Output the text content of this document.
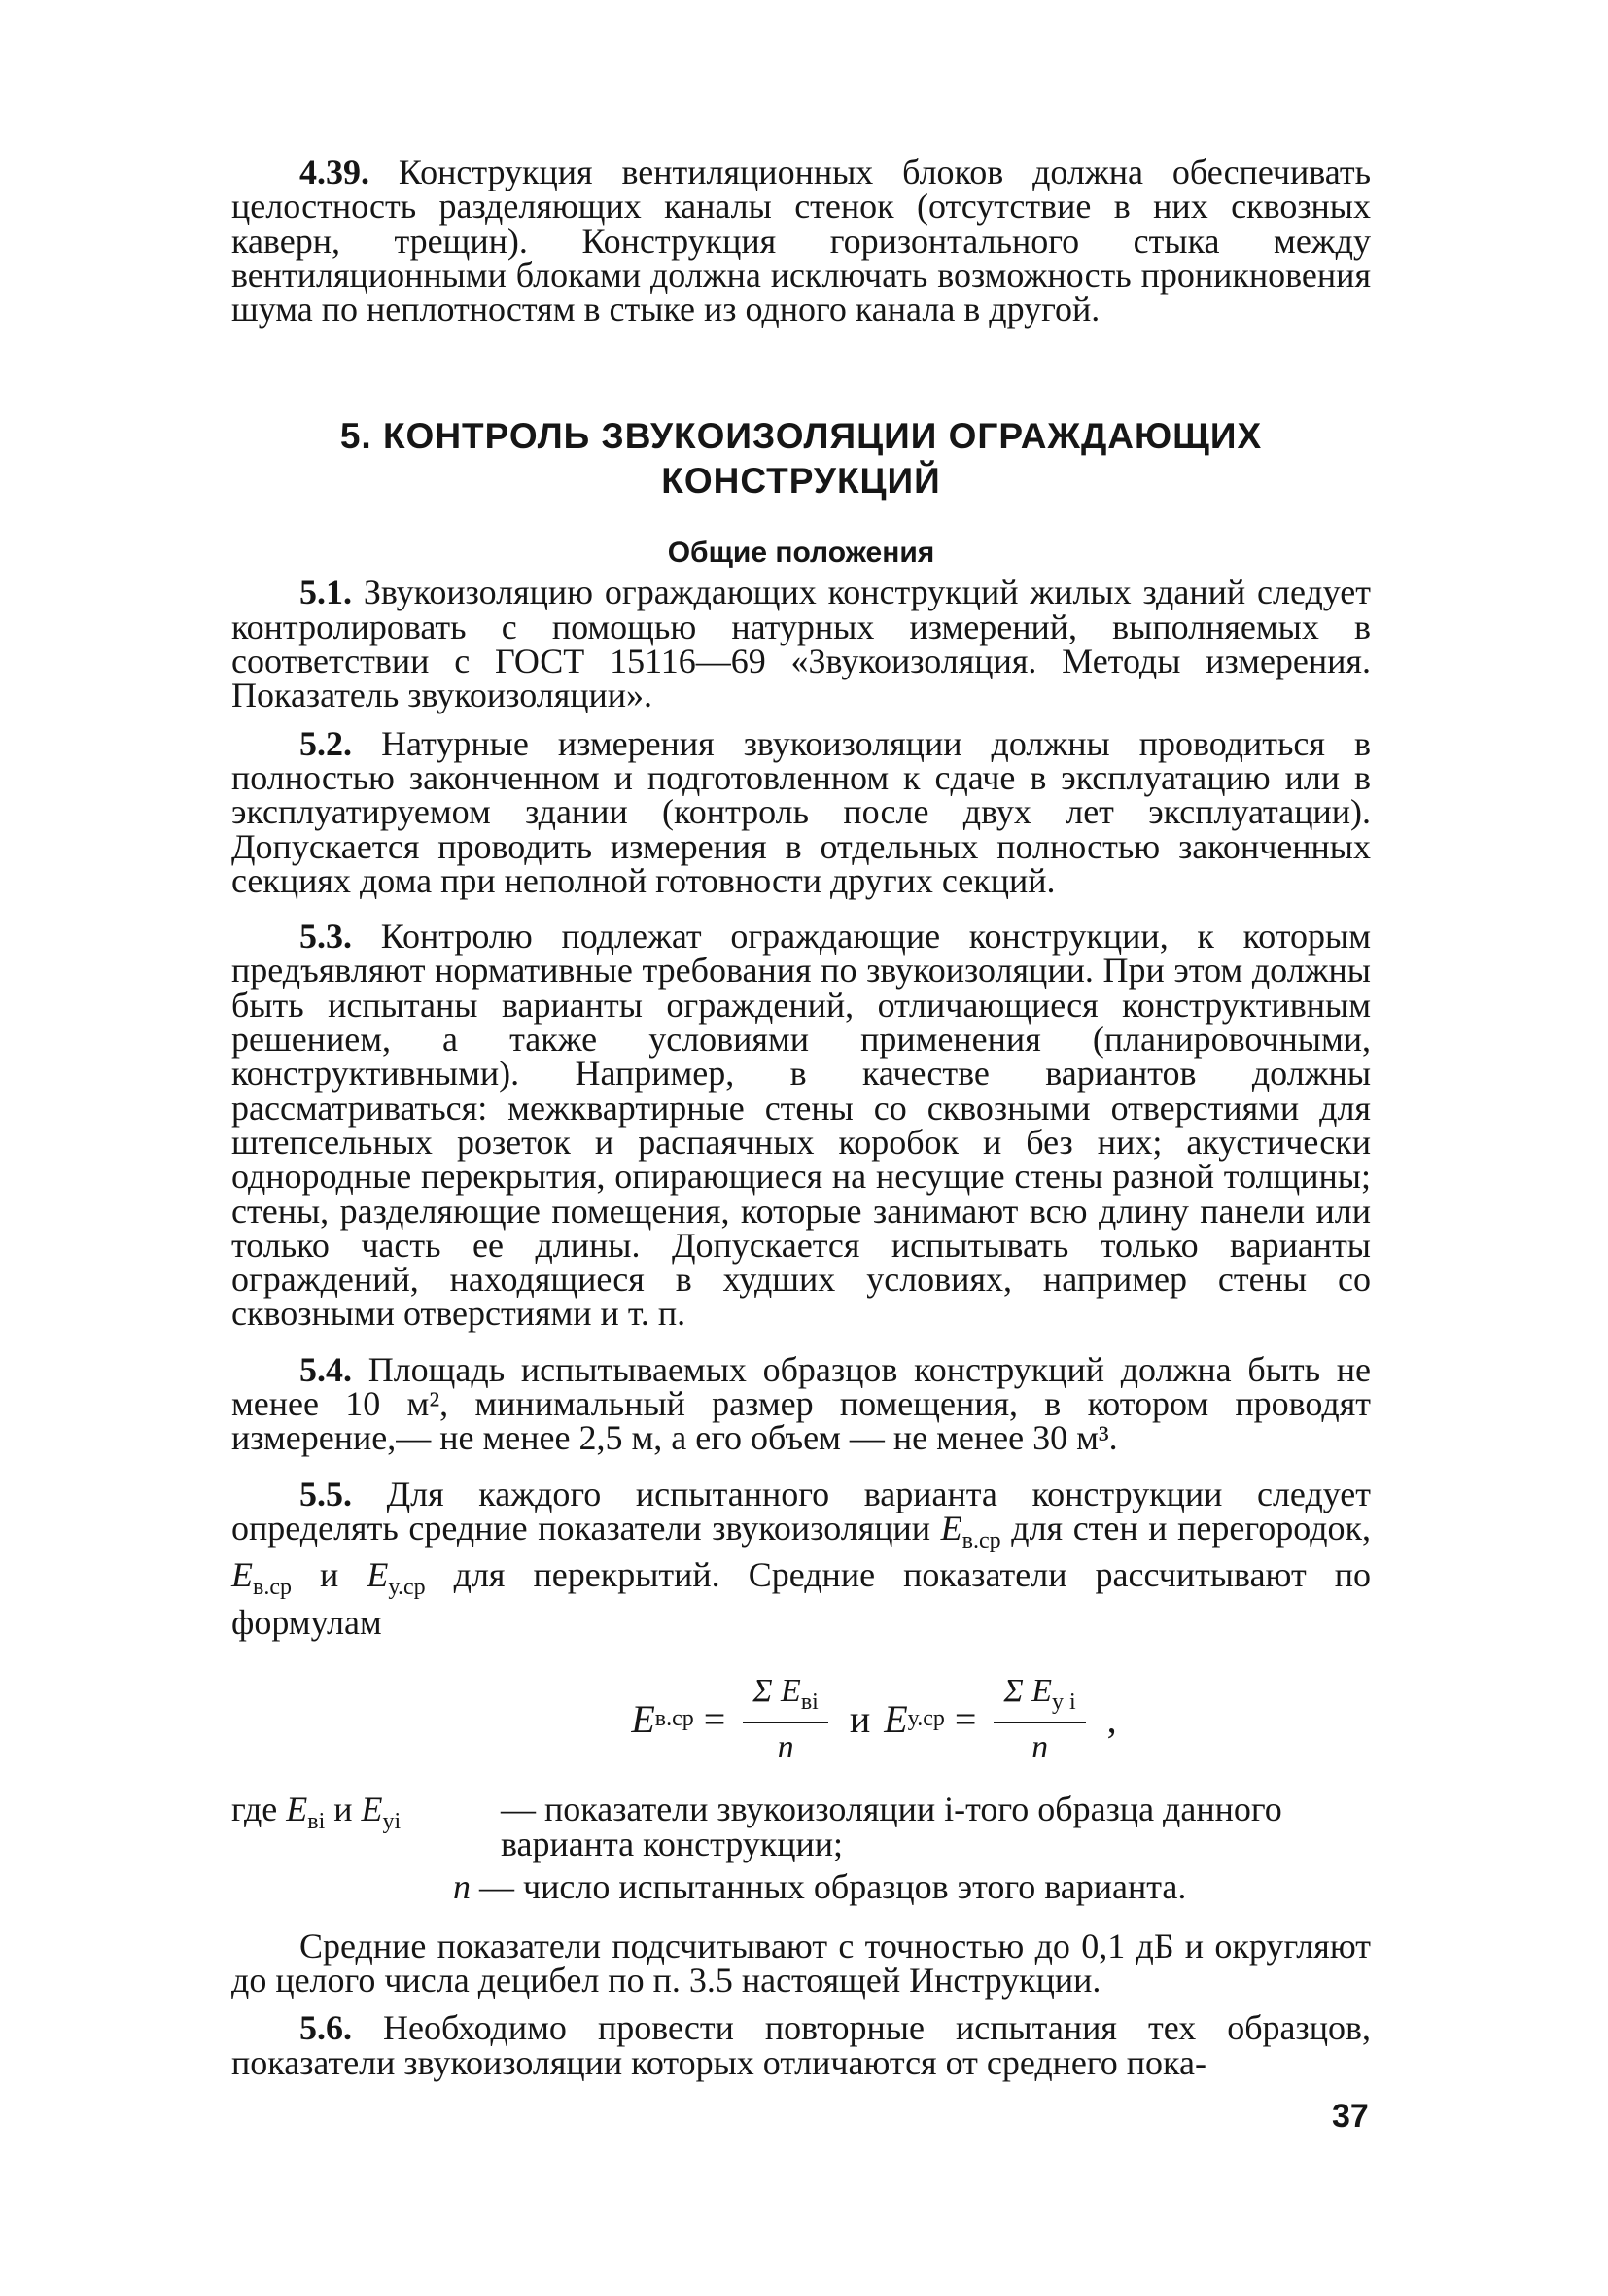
4.39. Конструкция вентиляционных блоков должна обеспечивать целостность разделяющих каналы стенок (отсутствие в них сквозных каверн, трещин). Конструкция горизонтального стыка между вентиляционными блоками должна исключать возможность проникновения шума по неплотностям в стыке из одного канала в другой.

5. КОНТРОЛЬ ЗВУКОИЗОЛЯЦИИ ОГРАЖДАЮЩИХ
КОНСТРУКЦИЙ
Общие положения

5.1. Звукоизоляцию ограждающих конструкций жилых зданий следует контролировать с помощью натурных измерений, выполняемых в соответствии с ГОСТ 15116—69 «Звукоизоляция. Методы измерения. Показатель звукоизоляции».

5.2. Натурные измерения звукоизоляции должны проводиться в полностью законченном и подготовленном к сдаче в эксплуатацию или в эксплуатируемом здании (контроль после двух лет эксплуатации). Допускается проводить измерения в отдельных полностью законченных секциях дома при неполной готовности других секций.

5.3. Контролю подлежат ограждающие конструкции, к которым предъявляют нормативные требования по звукоизоляции. При этом должны быть испытаны варианты ограждений, отличающиеся конструктивным решением, а также условиями применения (планировочными, конструктивными). Например, в качестве вариантов должны рассматриваться: межквартирные стены со сквозными отверстиями для штепсельных розеток и распаячных коробок и без них; акустически однородные перекрытия, опирающиеся на несущие стены разной толщины; стены, разделяющие помещения, которые занимают всю длину панели или только часть ее длины. Допускается испытывать только варианты ограждений, находящиеся в худших условиях, например стены со сквозными отверстиями и т. п.

5.4. Площадь испытываемых образцов конструкций должна быть не менее 10 м², минимальный размер помещения, в котором проводят измерение,— не менее 2,5 м, а его объем — не менее 30 м³.

5.5. Для каждого испытанного варианта конструкции следует определять средние показатели звукоизоляции $E_{в.ср}$ для стен и перегородок, $E_{в.ср}$ и $E_{у.ср}$ для перекрытий. Средние показатели рассчитывают по формулам

E $в.ср = \frac{\Sigma E_{вi}}{n}$ и E $у.ср = \frac{\Sigma E_{у i}}{n}$ ,
где $E_{вi}$ и $E_{уi}$	— показатели звукоизоляции i-того образца данного варианта конструкции;
n — число испытанных образцов этого варианта.

Средние показатели подсчитывают с точностью до 0,1 дБ и округляют до целого числа децибел по п. 3.5 настоящей Инструкции.

5.6. Необходимо провести повторные испытания тех образцов, показатели звукоизоляции которых отличаются от среднего пока-

37
